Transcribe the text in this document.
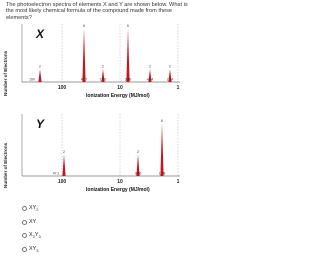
The photoelectron spectra of elements X and Y are shown below. What is the most likely chemical formula of the compound made from these elements?
Number of Electrons	100	10	1
X
2
190
6
42.7
2
19.0
6
3.40
2
4.84
2
2.14
Ionization Energy (MJ/mol)
Number of Electrons	100	10	1
Y
2
47.2
2
3.86
6
1.98
Ionization Energy (MJ/mol)
$XY_2$
XY
$X_2Y_3$
$XY_3$
